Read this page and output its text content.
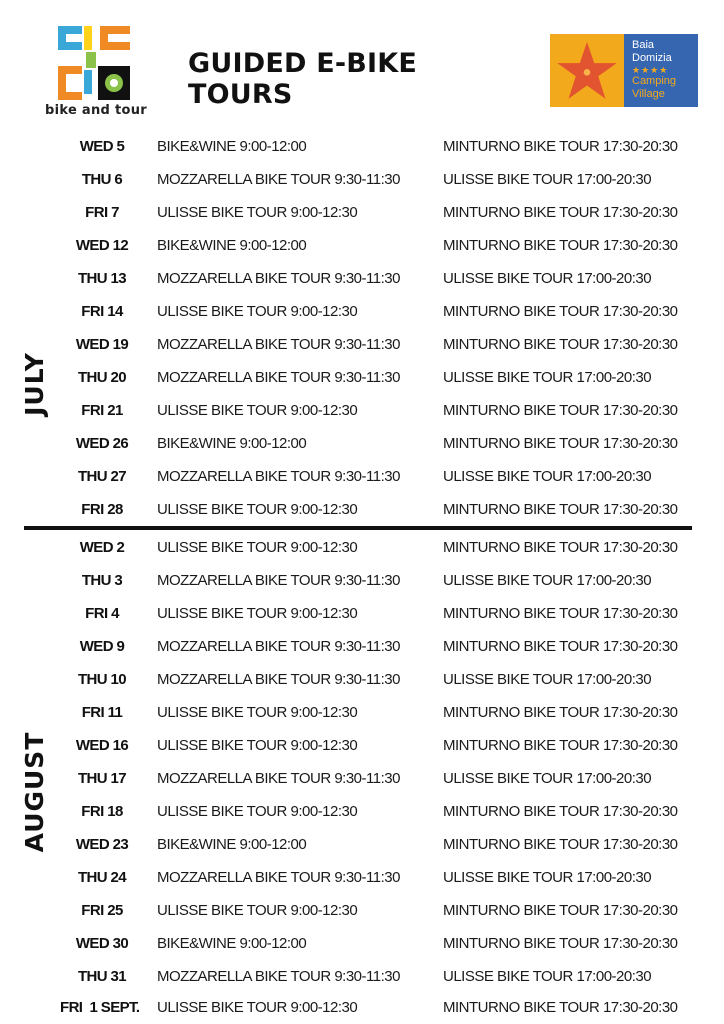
bike and tour
GUIDED E-BIKE TOURS
Baia
Domizia
★★★★
Camping
Village
JULY
AUGUST
WED 5	BIKE&WINE 9:00-12:00	MINTURNO BIKE TOUR 17:30-20:30
THU 6	MOZZARELLA BIKE TOUR 9:30-11:30	ULISSE BIKE TOUR 17:00-20:30
FRI 7	ULISSE BIKE TOUR 9:00-12:30	MINTURNO BIKE TOUR 17:30-20:30
WED 12	BIKE&WINE 9:00-12:00	MINTURNO BIKE TOUR 17:30-20:30
THU 13	MOZZARELLA BIKE TOUR 9:30-11:30	ULISSE BIKE TOUR 17:00-20:30
FRI 14	ULISSE BIKE TOUR 9:00-12:30	MINTURNO BIKE TOUR 17:30-20:30
WED 19	MOZZARELLA BIKE TOUR 9:30-11:30	MINTURNO BIKE TOUR 17:30-20:30
THU 20	MOZZARELLA BIKE TOUR 9:30-11:30	ULISSE BIKE TOUR 17:00-20:30
FRI 21	ULISSE BIKE TOUR 9:00-12:30	MINTURNO BIKE TOUR 17:30-20:30
WED 26	BIKE&WINE 9:00-12:00	MINTURNO BIKE TOUR 17:30-20:30
THU 27	MOZZARELLA BIKE TOUR 9:30-11:30	ULISSE BIKE TOUR 17:00-20:30
FRI 28	ULISSE BIKE TOUR 9:00-12:30	MINTURNO BIKE TOUR 17:30-20:30
WED 2	ULISSE BIKE TOUR 9:00-12:30	MINTURNO BIKE TOUR 17:30-20:30
THU 3	MOZZARELLA BIKE TOUR 9:30-11:30	ULISSE BIKE TOUR 17:00-20:30
FRI 4	ULISSE BIKE TOUR 9:00-12:30	MINTURNO BIKE TOUR 17:30-20:30
WED 9	MOZZARELLA BIKE TOUR 9:30-11:30	MINTURNO BIKE TOUR 17:30-20:30
THU 10	MOZZARELLA BIKE TOUR 9:30-11:30	ULISSE BIKE TOUR 17:00-20:30
FRI 11	ULISSE BIKE TOUR 9:00-12:30	MINTURNO BIKE TOUR 17:30-20:30
WED 16	ULISSE BIKE TOUR 9:00-12:30	MINTURNO BIKE TOUR 17:30-20:30
THU 17	MOZZARELLA BIKE TOUR 9:30-11:30	ULISSE BIKE TOUR 17:00-20:30
FRI 18	ULISSE BIKE TOUR 9:00-12:30	MINTURNO BIKE TOUR 17:30-20:30
WED 23	BIKE&WINE 9:00-12:00	MINTURNO BIKE TOUR 17:30-20:30
THU 24	MOZZARELLA BIKE TOUR 9:30-11:30	ULISSE BIKE TOUR 17:00-20:30
FRI 25	ULISSE BIKE TOUR 9:00-12:30	MINTURNO BIKE TOUR 17:30-20:30
WED 30	BIKE&WINE 9:00-12:00	MINTURNO BIKE TOUR 17:30-20:30
THU 31	MOZZARELLA BIKE TOUR 9:30-11:30	ULISSE BIKE TOUR 17:00-20:30
FRI  1 SEPT.	ULISSE BIKE TOUR 9:00-12:30	MINTURNO BIKE TOUR 17:30-20:30
